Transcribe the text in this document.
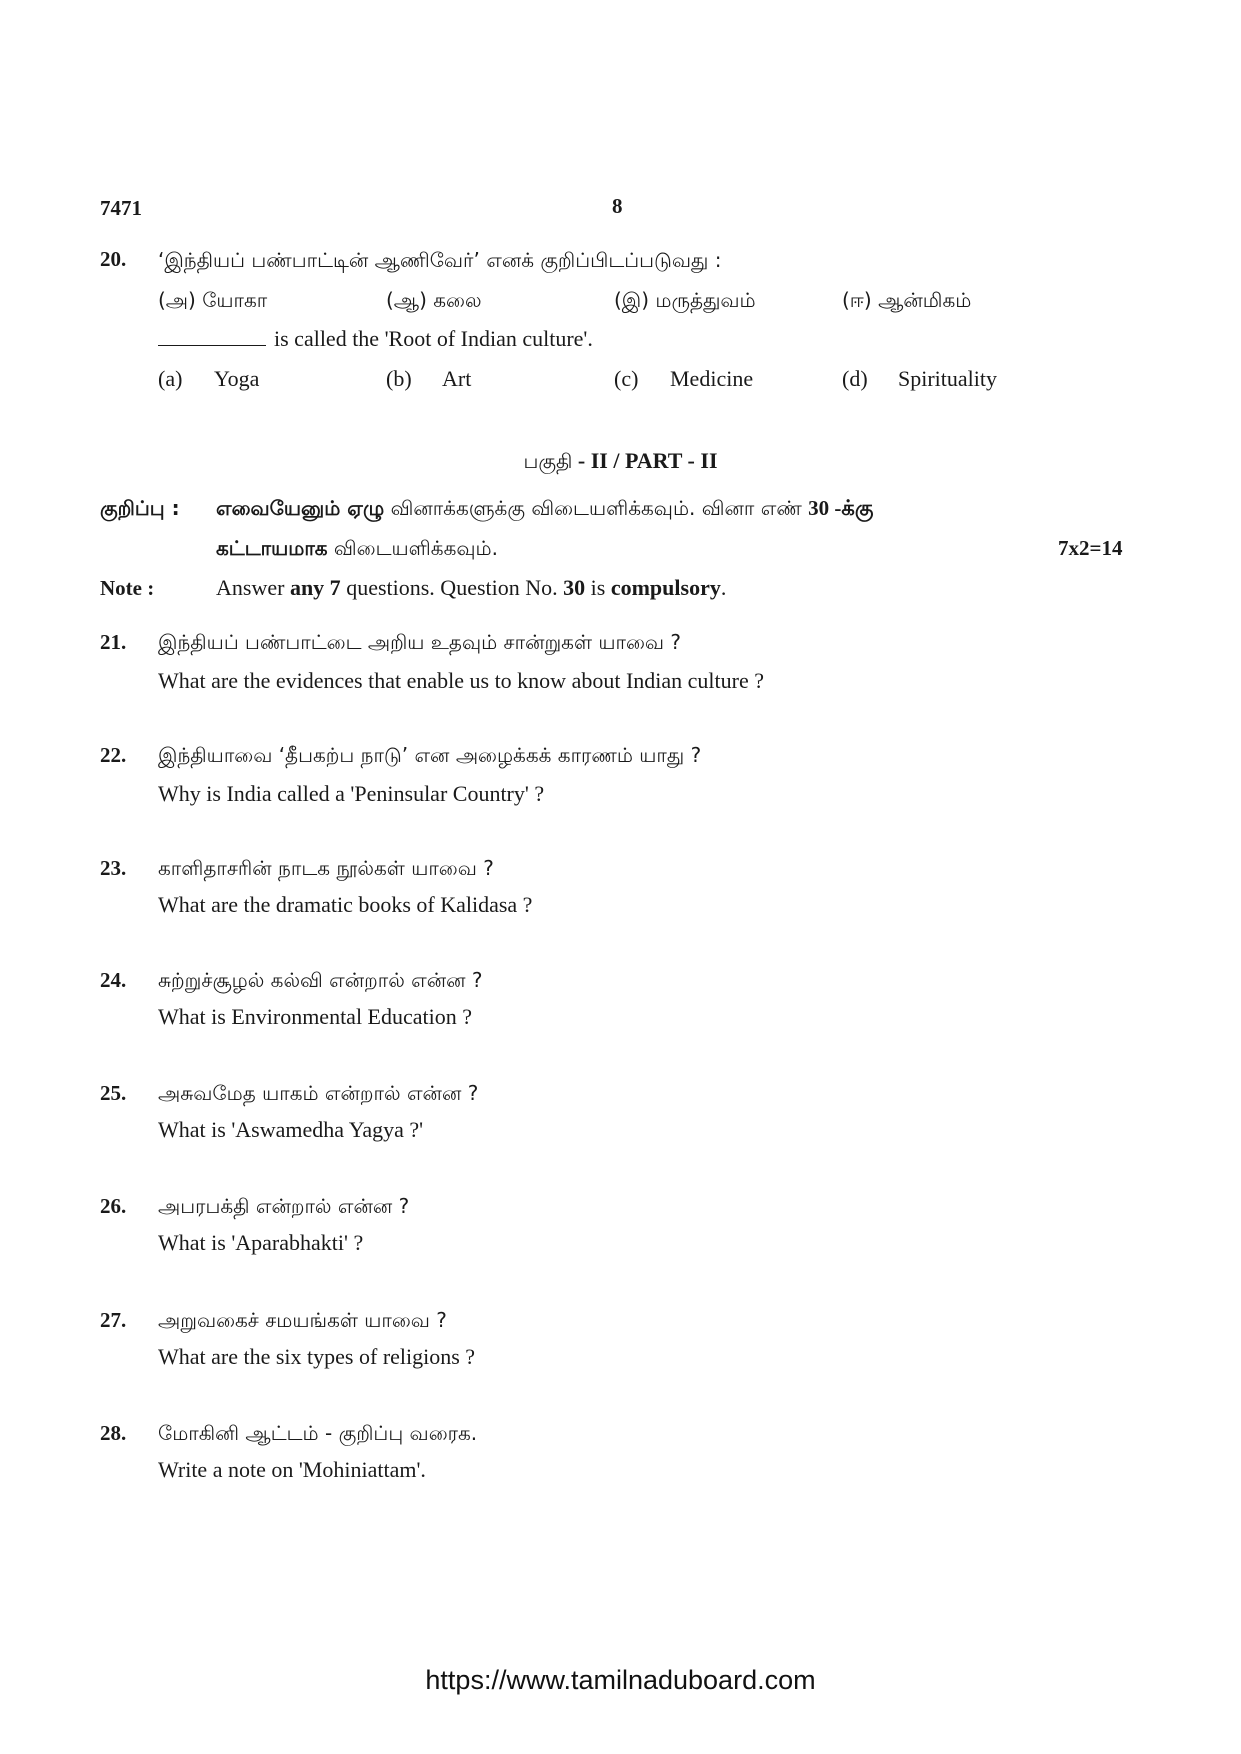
7471	8
20. ‘இந்தியப் பண்பாட்டின் ஆணிவேர்’ எனக் குறிப்பிடப்படுவது :
(அ) யோகா	(ஆ) கலை	(இ) மருத்துவம்	(ஈ) ஆன்மிகம்
is called the 'Root of Indian culture'.
(a) Yoga	(b) Art	(c) Medicine	(d) Spirituality
பகுதி - II / PART - II
குறிப்பு : எவையேனும் ஏழு வினாக்களுக்கு விடையளிக்கவும். வினா எண் 30 -க்கு
கட்டாயமாக விடையளிக்கவும்.	7x2=14
Note :	Answer any 7 questions. Question No. 30 is compulsory.
21. இந்தியப் பண்பாட்டை அறிய உதவும் சான்றுகள் யாவை ?
What are the evidences that enable us to know about Indian culture ?
22. இந்தியாவை ‘தீபகற்ப நாடு’ என அழைக்கக் காரணம் யாது ?
Why is India called a 'Peninsular Country' ?
23. காளிதாசரின் நாடக நூல்கள் யாவை ?
What are the dramatic books of Kalidasa ?
24. சுற்றுச்சூழல் கல்வி என்றால் என்ன ?
What is Environmental Education ?
25. அசுவமேத யாகம் என்றால் என்ன ?
What is 'Aswamedha Yagya ?'
26. அபரபக்தி என்றால் என்ன ?
What is 'Aparabhakti' ?
27. அறுவகைச் சமயங்கள் யாவை ?
What are the six types of religions ?
28. மோகினி ஆட்டம் - குறிப்பு வரைக.
Write a note on 'Mohiniattam'.
https://www.tamilnaduboard.com
